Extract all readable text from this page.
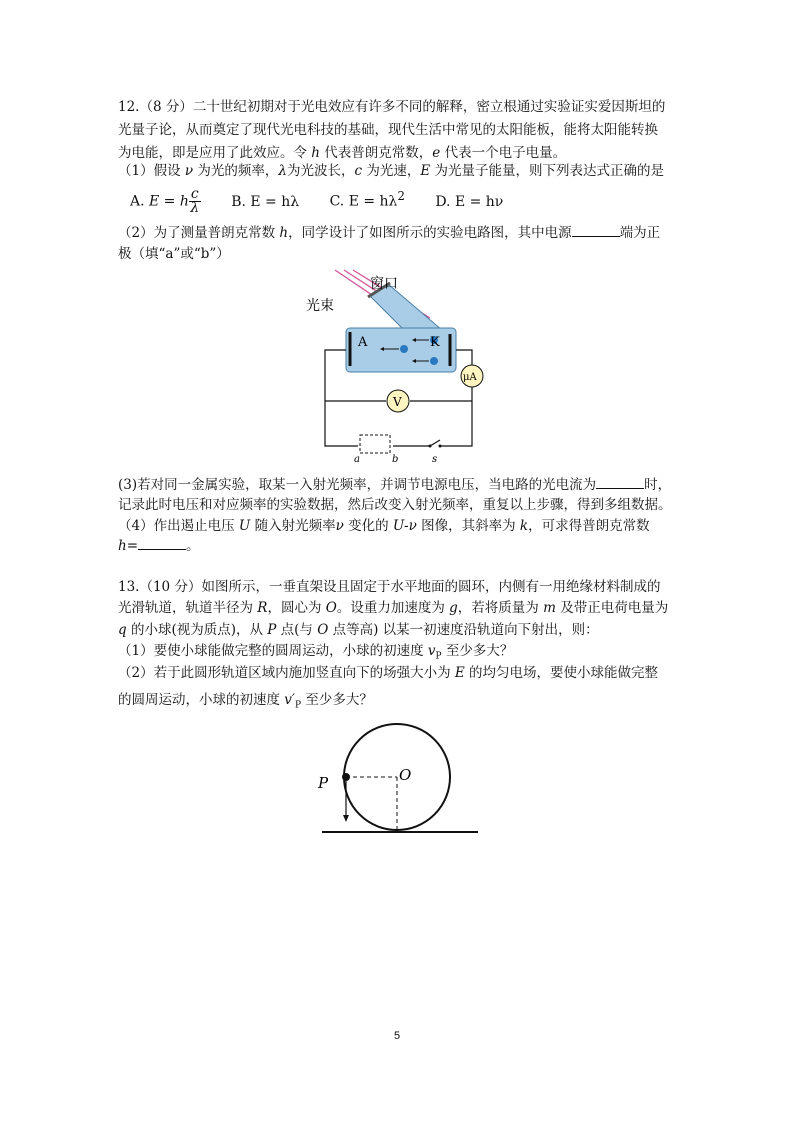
12.（8 分）二十世纪初期对于光电效应有许多不同的解释，密立根通过实验证实爱因斯坦的
光量子论，从而奠定了现代光电科技的基础，现代生活中常见的太阳能板，能将太阳能转换
为电能，即是应用了此效应。令 h 代表普朗克常数，e 代表一个电子电量。
（1）假设 ν 为光的频率，λ为光波长，c 为光速，E 为光量子能量，则下列表达式正确的是
A. E = h $\frac{c}{\lambda} B$. E = hλ C. $E = h\lambda^2$ D. E = hν
（2）为了测量普朗克常数 h，同学设计了如图所示的实验电路图，其中电源	端为正
极（填“a”或“b”）
A	K
窗口
光束
μA
V
a	b	s
(3)若对同一金属实验，取某一入射光频率，并调节电源电压，当电路的光电流为	时，
记录此时电压和对应频率的实验数据，然后改变入射光频率，重复以上步骤，得到多组数据。
（4）作出遏止电压 U 随入射光频率ν 变化的 U-ν 图像，其斜率为 k，可求得普朗克常数
h=	。
13.（10 分）如图所示，一垂直架设且固定于水平地面的圆环，内侧有一用绝缘材料制成的
光滑轨道，轨道半径为 R，圆心为 O。设重力加速度为 g，若将质量为 m 及带正电荷电量为
q 的小球(视为质点)，从 P 点(与 O 点等高) 以某一初速度沿轨道向下射出，则：
（1）要使小球能做完整的圆周运动，小球的初速度 $v_P$ 至少多大？
（2）若于此圆形轨道区域内施加竖直向下的场强大小为 E 的均匀电场，要使小球能做完整
的圆周运动，小球的初速度 $v'_P$ 至少多大？
P	O
5
